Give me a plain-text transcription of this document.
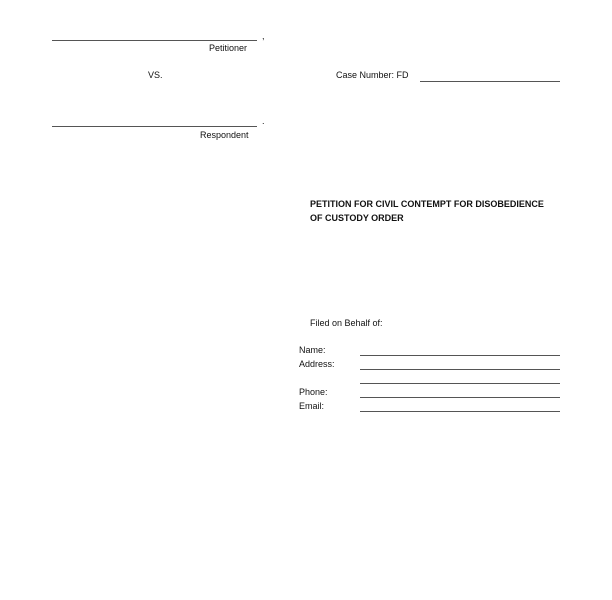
,
Petitioner
VS.	Case Number: FD
.
Respondent
PETITION FOR CIVIL CONTEMPT FOR DISOBEDIENCE
OF CUSTODY ORDER
Filed on Behalf of:
Name:
Address:
Phone:
Email:
